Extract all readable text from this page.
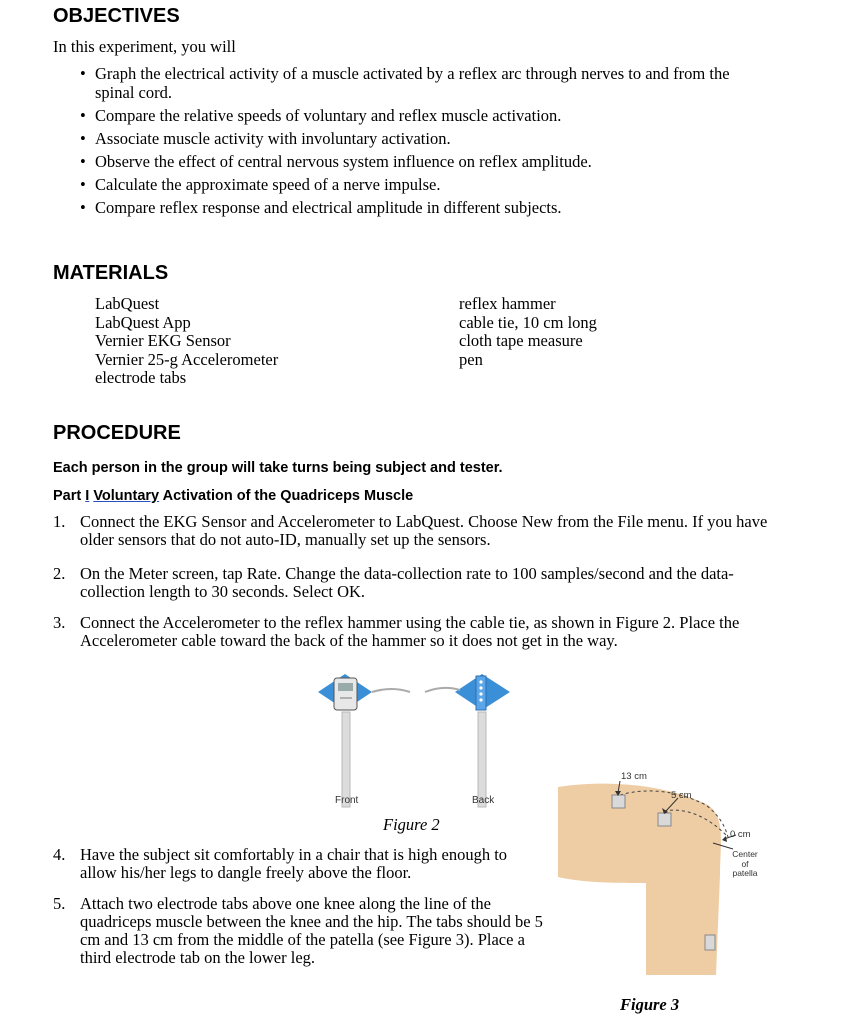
OBJECTIVES
In this experiment, you will
• Graph the electrical activity of a muscle activated by a reflex arc through nerves to and from the spinal cord.
• Compare the relative speeds of voluntary and reflex muscle activation.
• Associate muscle activity with involuntary activation.
• Observe the effect of central nervous system influence on reflex amplitude.
• Calculate the approximate speed of a nerve impulse.
• Compare reflex response and electrical amplitude in different subjects.
MATERIALS
LabQuest
LabQuest App
Vernier EKG Sensor
Vernier 25-g Accelerometer
electrode tabs
reflex hammer
cable tie, 10 cm long
cloth tape measure
pen
PROCEDURE
Each person in the group will take turns being subject and tester.
Part I Voluntary Activation of the Quadriceps Muscle
1. Connect the EKG Sensor and Accelerometer to LabQuest. Choose New from the File menu. If you have older sensors that do not auto-ID, manually set up the sensors.
2. On the Meter screen, tap Rate. Change the data-collection rate to 100 samples/second and the data-collection length to 30 seconds. Select OK.
3. Connect the Accelerometer to the reflex hammer using the cable tie, as shown in Figure 2. Place the Accelerometer cable toward the back of the hammer so it does not get in the way.
Front	Back
Figure 2
4. Have the subject sit comfortably in a chair that is high enough to allow his/her legs to dangle freely above the floor.
5. Attach two electrode tabs above one knee along the line of the quadriceps muscle between the knee and the hip. The tabs should be 5 cm and 13 cm from the middle of the patella (see Figure 3). Place a third electrode tab on the lower leg.
13 cm
5 cm
0 cm
Center
of
patella
Figure 3
